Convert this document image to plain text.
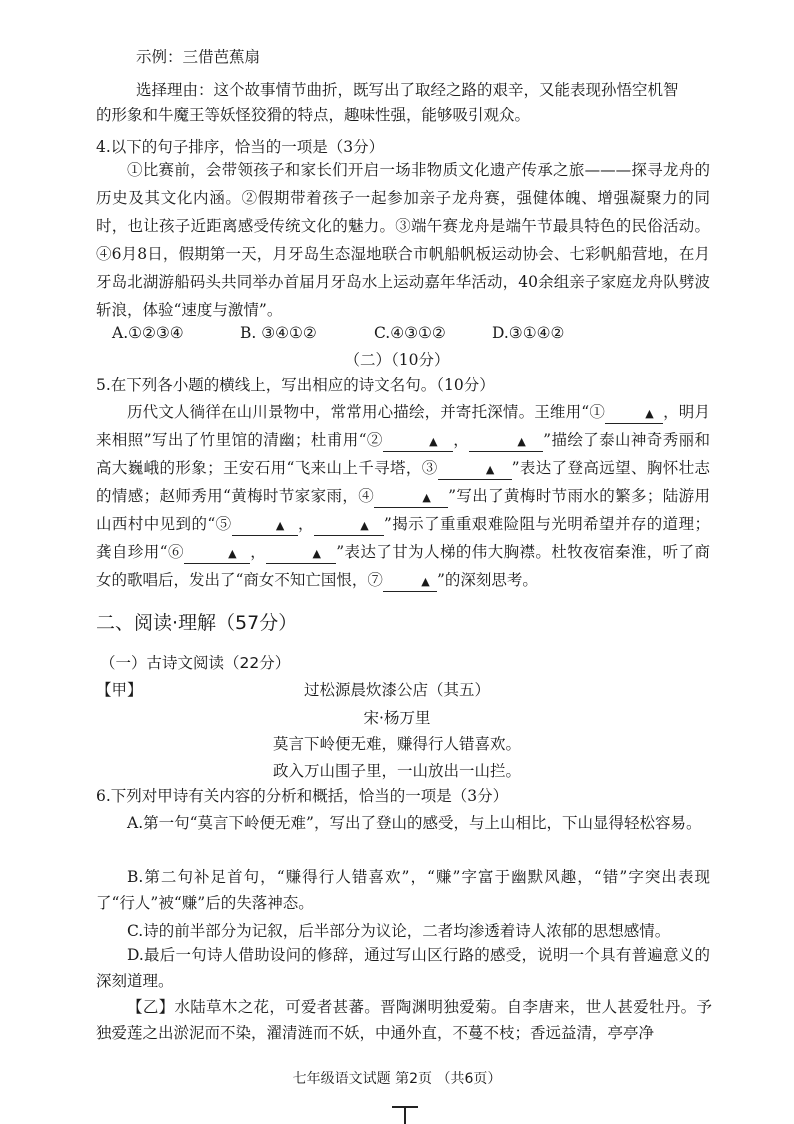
示例：三借芭蕉扇
选择理由：这个故事情节曲折，既写出了取经之路的艰辛，又能表现孙悟空机智
的形象和牛魔王等妖怪狡猾的特点，趣味性强，能够吸引观众。
4.以下的句子排序，恰当的一项是（3分）

①比赛前，会带领孩子和家长们开启一场非物质文化遗产传承之旅———探寻龙舟的历史及其文化内涵。②假期带着孩子一起参加亲子龙舟赛，强健体魄、增强凝聚力的同时，也让孩子近距离感受传统文化的魅力。③端午赛龙舟是端午节最具特色的民俗活动。④6月8日，假期第一天，月牙岛生态湿地联合市帆船帆板运动协会、七彩帆船营地，在月牙岛北湖游船码头共同举办首届月牙岛水上运动嘉年华活动，40余组亲子家庭龙舟队劈波斩浪，体验“速度与激情”。

A.①②③④	B. ③④①②	C.④③①②	D.③①④②
（二）（10分）
5.在下列各小题的横线上，写出相应的诗文名句。（10分）

历代文人徜徉在山川景物中，常常用心描绘，并寄托深情。王维用“①	▲ ，明月来相照”写出了竹里馆的清幽；杜甫用“②	▲ ，	▲ ”描绘了泰山神奇秀丽和高大巍峨的形象；王安石用“飞来山上千寻塔，③	▲ ”表达了登高远望、胸怀壮志的情感；赵师秀用“黄梅时节家家雨，④	▲ ”写出了黄梅时节雨水的繁多；陆游用山西村中见到的“⑤	▲ ，	▲ ”揭示了重重艰难险阻与光明希望并存的道理；龚自珍用“⑥	▲ ，	▲ ”表达了甘为人梯的伟大胸襟。杜牧夜宿秦淮，听了商女的歌唱后，发出了“商女不知亡国恨，⑦	▲ ”的深刻思考。

二、阅读·理解（57分）
（一）古诗文阅读（22分）
【甲】	过松源晨炊漆公店（其五）
宋·杨万里
莫言下岭便无难，赚得行人错喜欢。
政入万山围子里，一山放出一山拦。
6.下列对甲诗有关内容的分析和概括，恰当的一项是（3分）

A.第一句“莫言下岭便无难”，写出了登山的感受，与上山相比，下山显得轻松容易。

B.第二句补足首句，“赚得行人错喜欢”，“赚”字富于幽默风趣，“错”字突出表现了“行人”被“赚”后的失落神态。

C.诗的前半部分为记叙，后半部分为议论，二者均渗透着诗人浓郁的思想感情。

D.最后一句诗人借助设问的修辞，通过写山区行路的感受，说明一个具有普遍意义的深刻道理。

【乙】水陆草木之花，可爱者甚蕃。晋陶渊明独爱菊。自李唐来，世人甚爱牡丹。予独爱莲之出淤泥而不染，濯清涟而不妖，中通外直，不蔓不枝；香远益清，亭亭净

七年级语文试题 第2页 （共6页）
